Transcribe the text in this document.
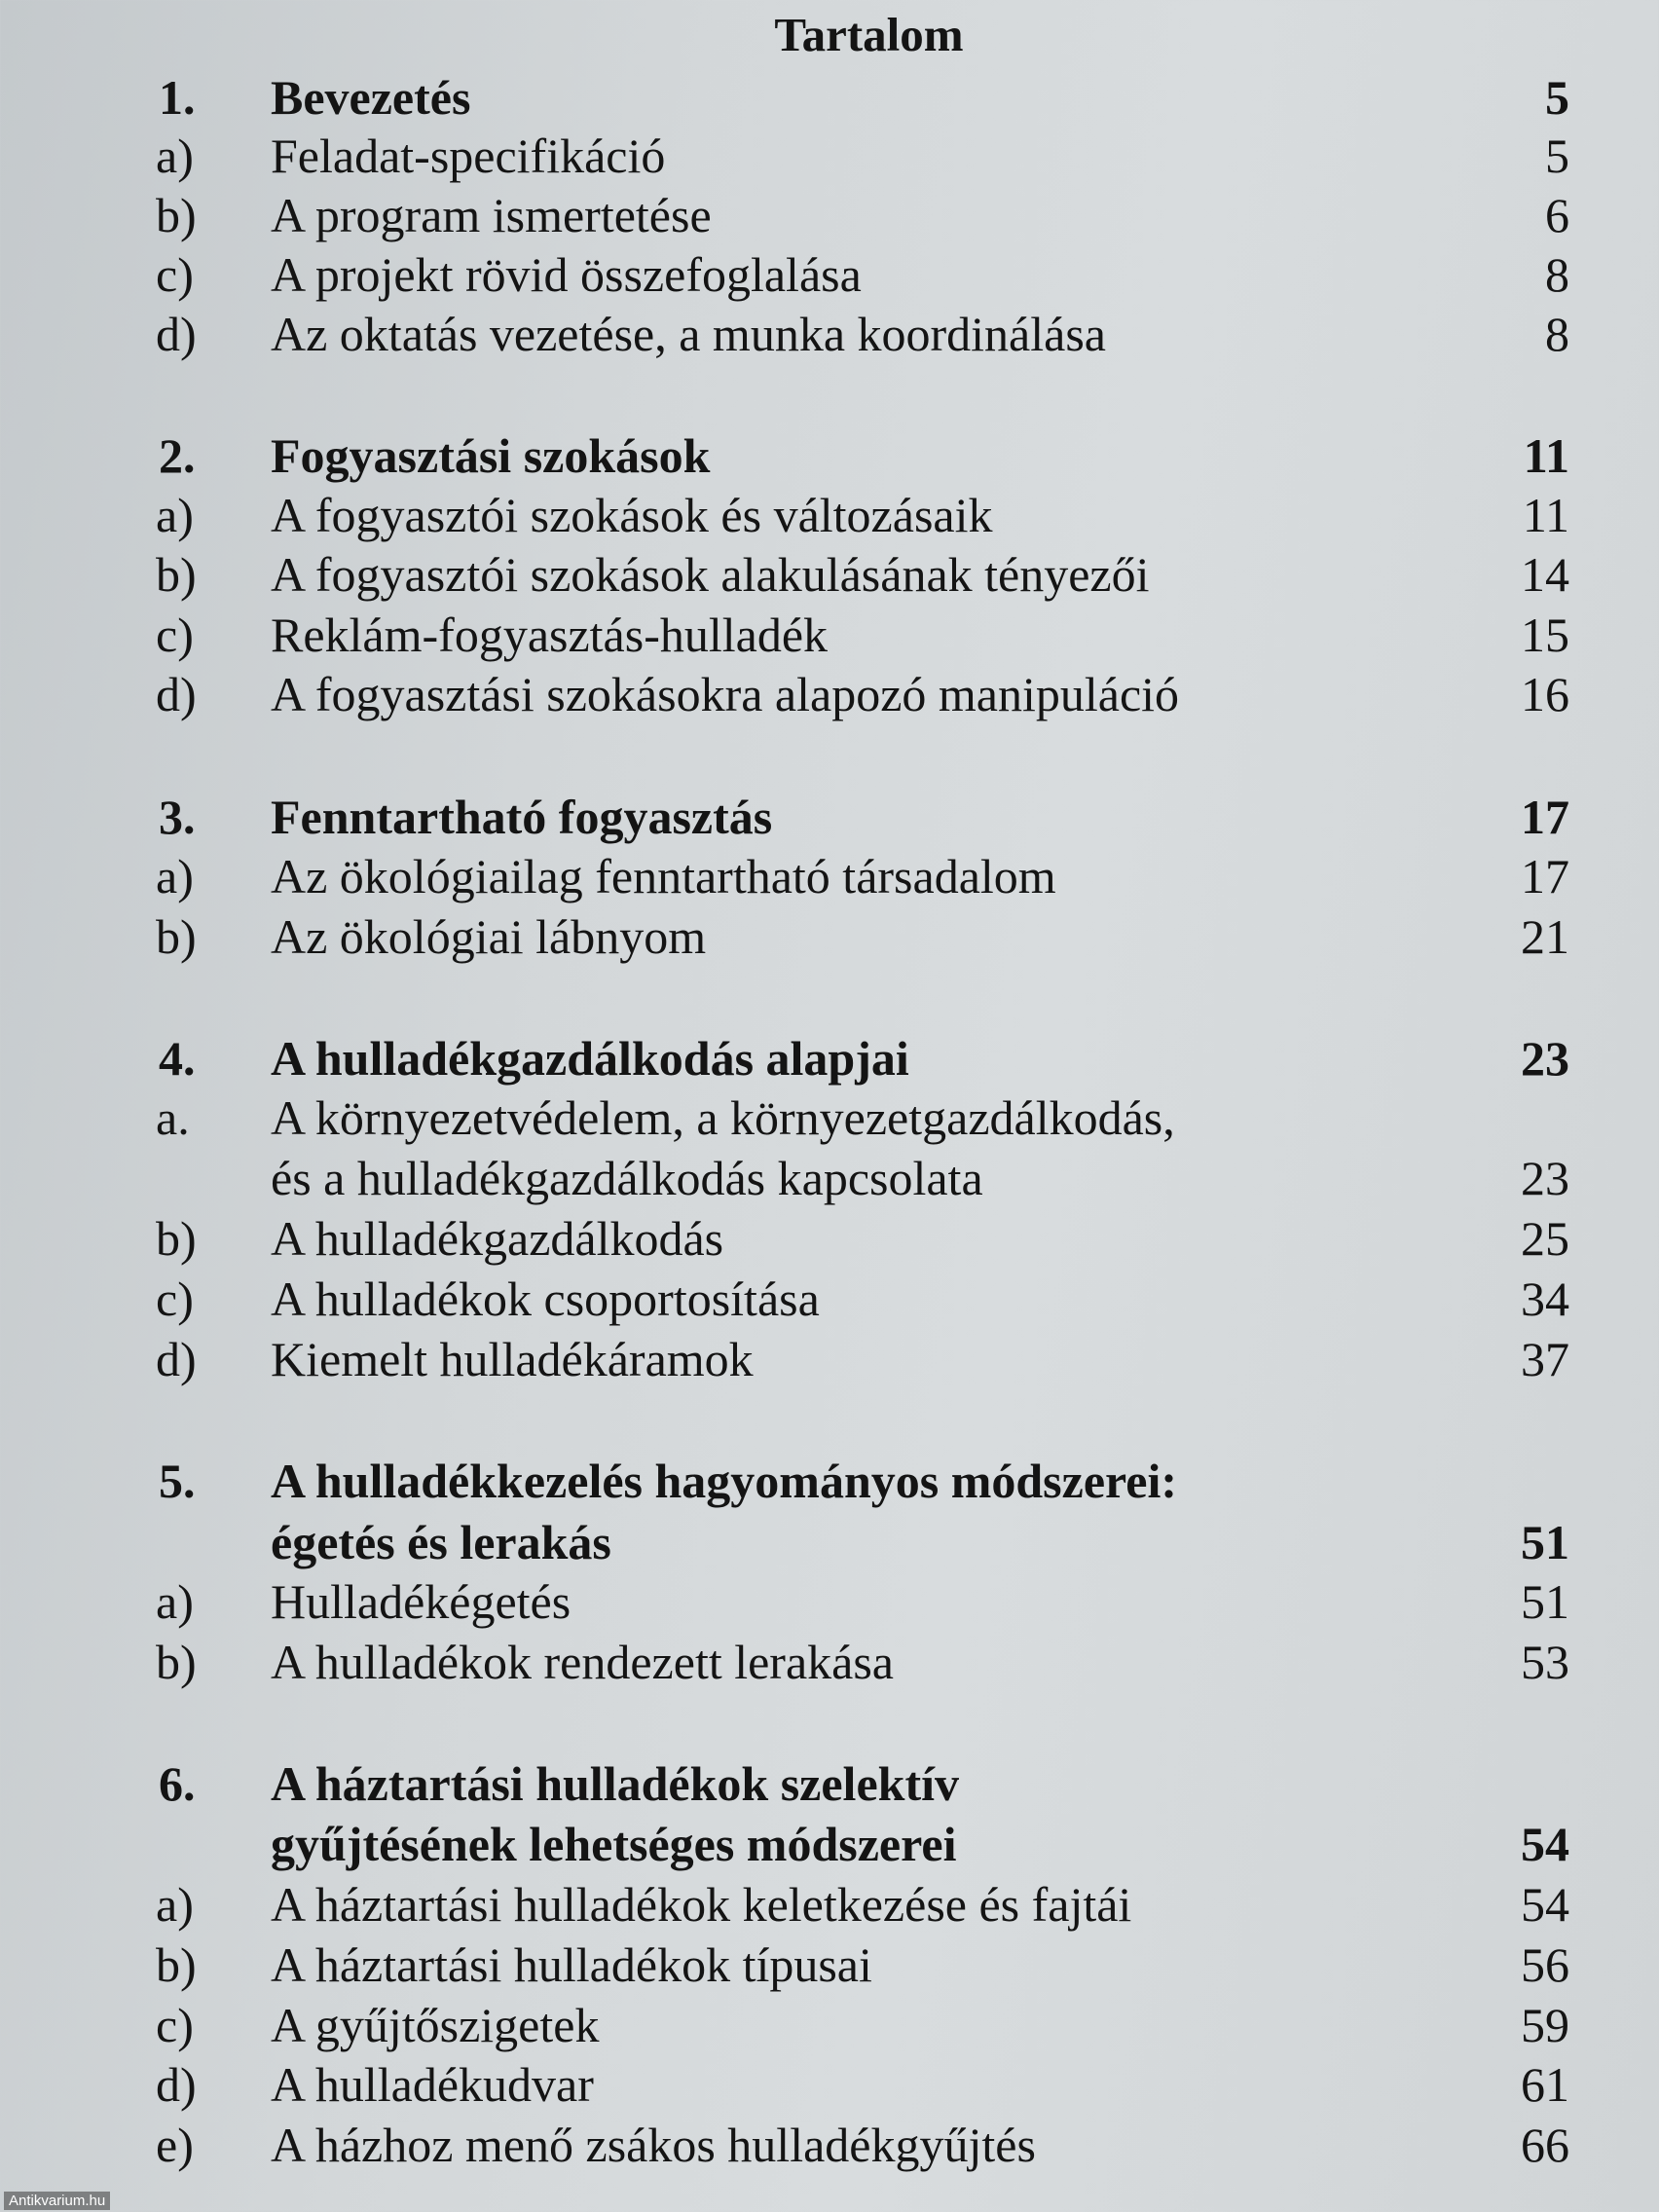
Tartalom
1. Bevezetés	5
a) Feladat-specifikáció	5
b) A program ismertetése	6
c) A projekt rövid összefoglalása	8
d) Az oktatás vezetése, a munka koordinálása	8
2. Fogyasztási szokások	11
a) A fogyasztói szokások és változásaik	11
b) A fogyasztói szokások alakulásának tényezői	14
c) Reklám-fogyasztás-hulladék	15
d) A fogyasztási szokásokra alapozó manipuláció	16
3. Fenntartható fogyasztás	17
a) Az ökológiailag fenntartható társadalom	17
b) Az ökológiai lábnyom	21
4. A hulladékgazdálkodás alapjai	23
a. A környezetvédelem, a környezetgazdálkodás,
és a hulladékgazdálkodás kapcsolata	23
b) A hulladékgazdálkodás	25
c) A hulladékok csoportosítása	34
d) Kiemelt hulladékáramok	37
5. A hulladékkezelés hagyományos módszerei:
égetés és lerakás	51
a) Hulladékégetés	51
b) A hulladékok rendezett lerakása	53
6. A háztartási hulladékok szelektív
gyűjtésének lehetséges módszerei	54
a) A háztartási hulladékok keletkezése és fajtái	54
b) A háztartási hulladékok típusai	56
c) A gyűjtőszigetek	59
d) A hulladékudvar	61
e) A házhoz menő zsákos hulladékgyűjtés	66
Antikvarium.hu
